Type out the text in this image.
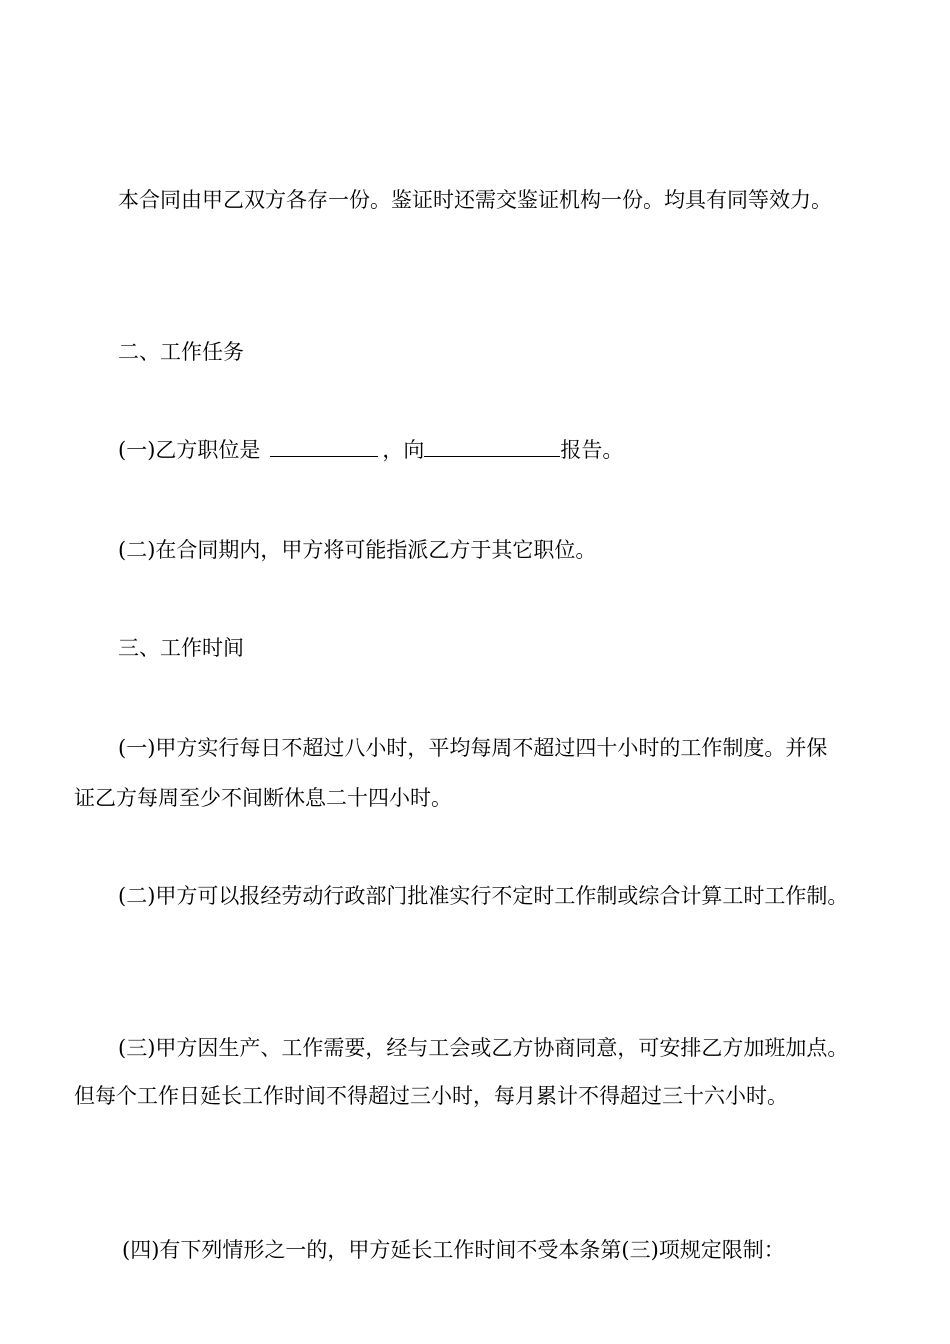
本合同由甲乙双方各存一份。鉴证时还需交鉴证机构一份。均具有同等效力。

二、工作任务

(一)乙方职位是	，向	报告。

(二)在合同期内，甲方将可能指派乙方于其它职位。

三、工作时间

(一)甲方实行每日不超过八小时，平均每周不超过四十小时的工作制度。并保

证乙方每周至少不间断休息二十四小时。

(二)甲方可以报经劳动行政部门批准实行不定时工作制或综合计算工时工作制。

(三)甲方因生产、工作需要，经与工会或乙方协商同意，可安排乙方加班加点。

但每个工作日延长工作时间不得超过三小时，每月累计不得超过三十六小时。

(四)有下列情形之一的，甲方延长工作时间不受本条第(三)项规定限制：
